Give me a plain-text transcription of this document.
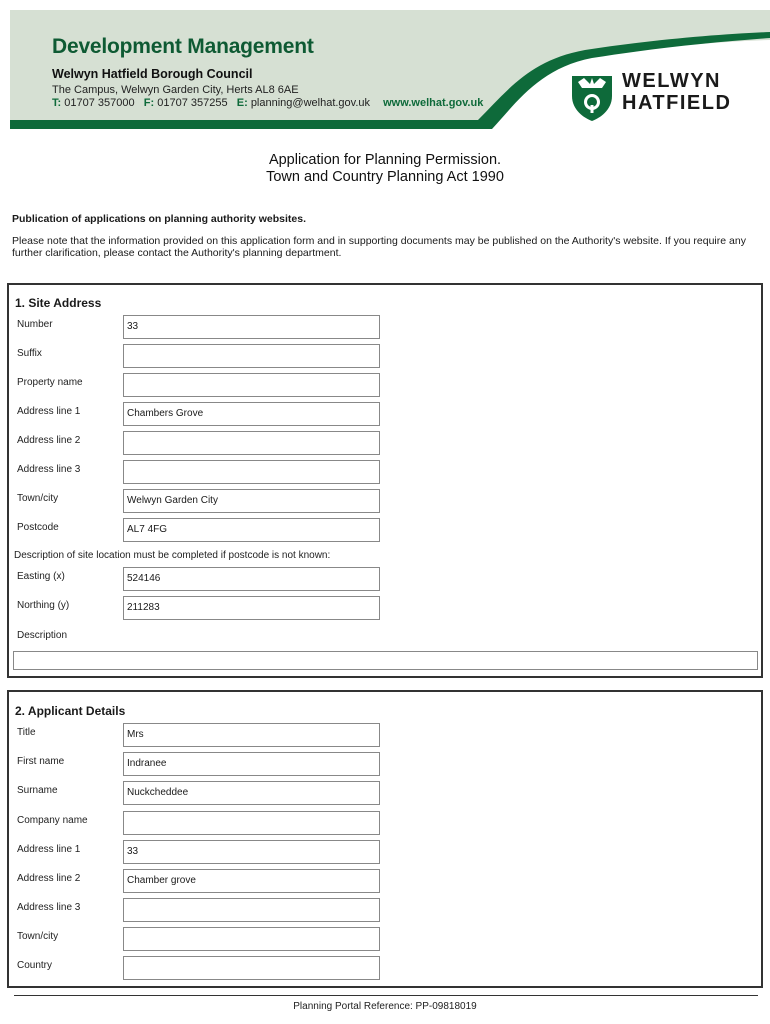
Development Management
Welwyn Hatfield Borough Council
The Campus, Welwyn Garden City, Herts AL8 6AE
T: 01707 357000 F: 01707 357255 E: planning@welhat.gov.uk www.welhat.gov.uk
WELWYN
HATFIELD
Application for Planning Permission.
Town and Country Planning Act 1990
Publication of applications on planning authority websites.
Please note that the information provided on this application form and in supporting documents may be published on the Authority's website. If you require any further clarification, please contact the Authority's planning department.
1. Site Address
Number	33
Suffix
Property name
Address line 1	Chambers Grove
Address line 2
Address line 3
Town/city	Welwyn Garden City
Postcode	AL7 4FG
Description of site location must be completed if postcode is not known:
Easting (x)	524146
Northing (y)	211283
Description
2. Applicant Details
Title	Mrs
First name	Indranee
Surname	Nuckcheddee
Company name
Address line 1	33
Address line 2	Chamber grove
Address line 3
Town/city
Country
Planning Portal Reference: PP-09818019
